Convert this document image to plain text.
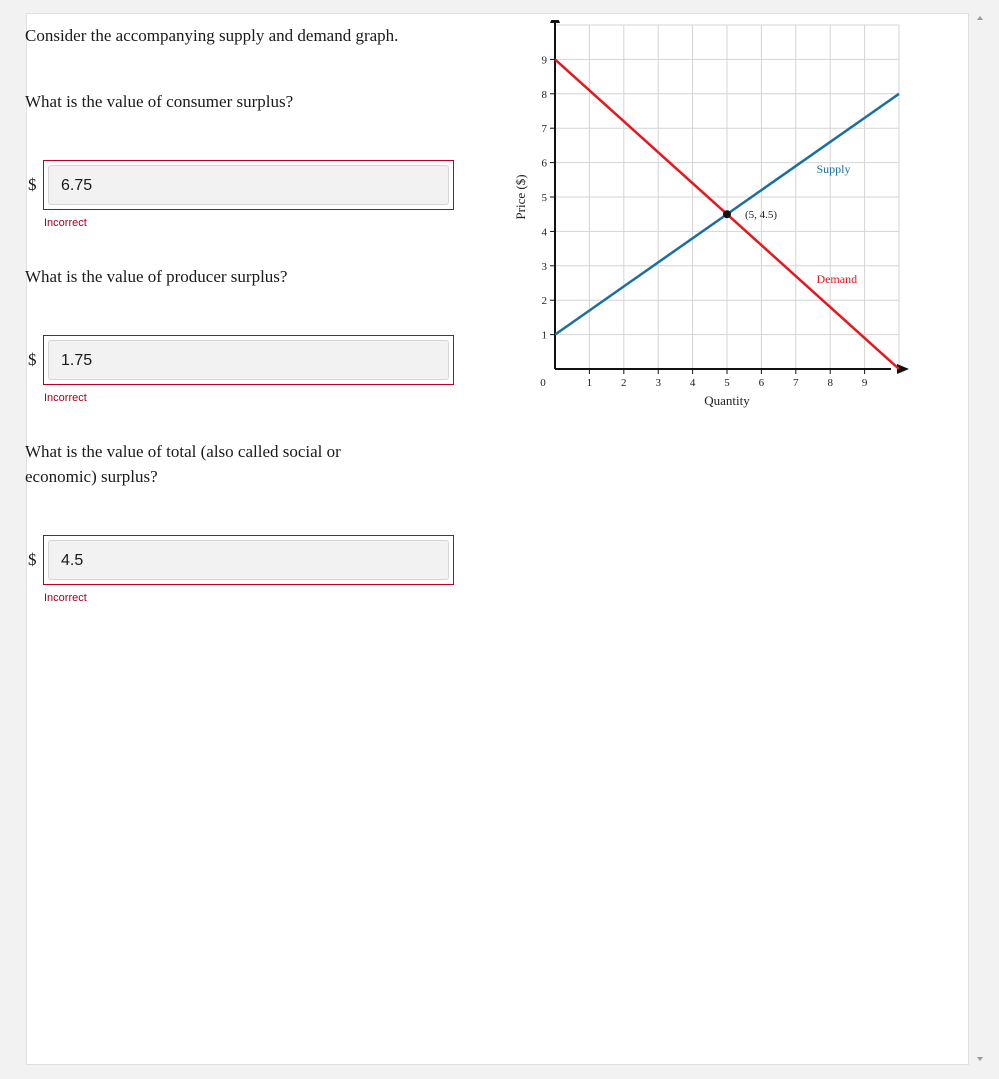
Consider the accompanying supply and demand graph.
What is the value of consumer surplus?
$	6.75
Incorrect
What is the value of producer surplus?
$	1.75
Incorrect
What is the value of total (also called social or
economic) surplus?
$	4.5
Incorrect
1
2
3
4
5
6
7
8
9
1	2	3	4	5	6	7	8	9
0
Quantity
Price ($)
Supply
Demand
(5, 4.5)
